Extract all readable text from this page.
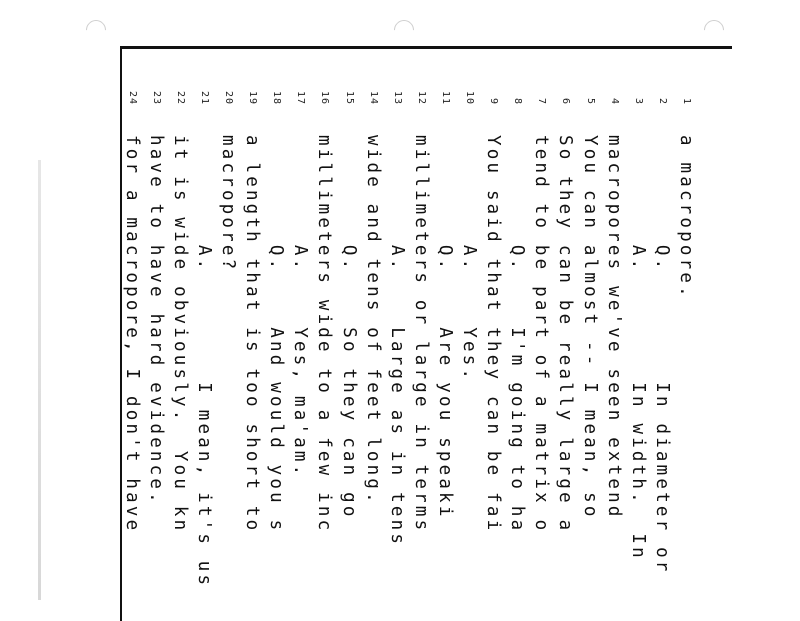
1
a macropore.
2
Q.        In diameter or
3
A.        In width.  In
4
macropores we've seen extend
5
You can almost -- I mean, so
6
So they can be really large a
7
tend to be part of a matrix o
8
Q.    I'm going to ha
9
You said that they can be fai
10
A.    Yes.
11
Q.    Are you speaki
12
millimeters or large in terms
13
A.    Large as in tens
14
wide and tens of feet long.
15
Q.    So they can go
16
millimeters wide to a few inc
17
A.    Yes, ma'am.
18
Q.    And would you s
19
a length that is too short to
20
macropore?
21
A.        I mean, it's us
22
it is wide obviously.  You kn
23
have to have hard evidence.
24
for a macropore, I don't have
